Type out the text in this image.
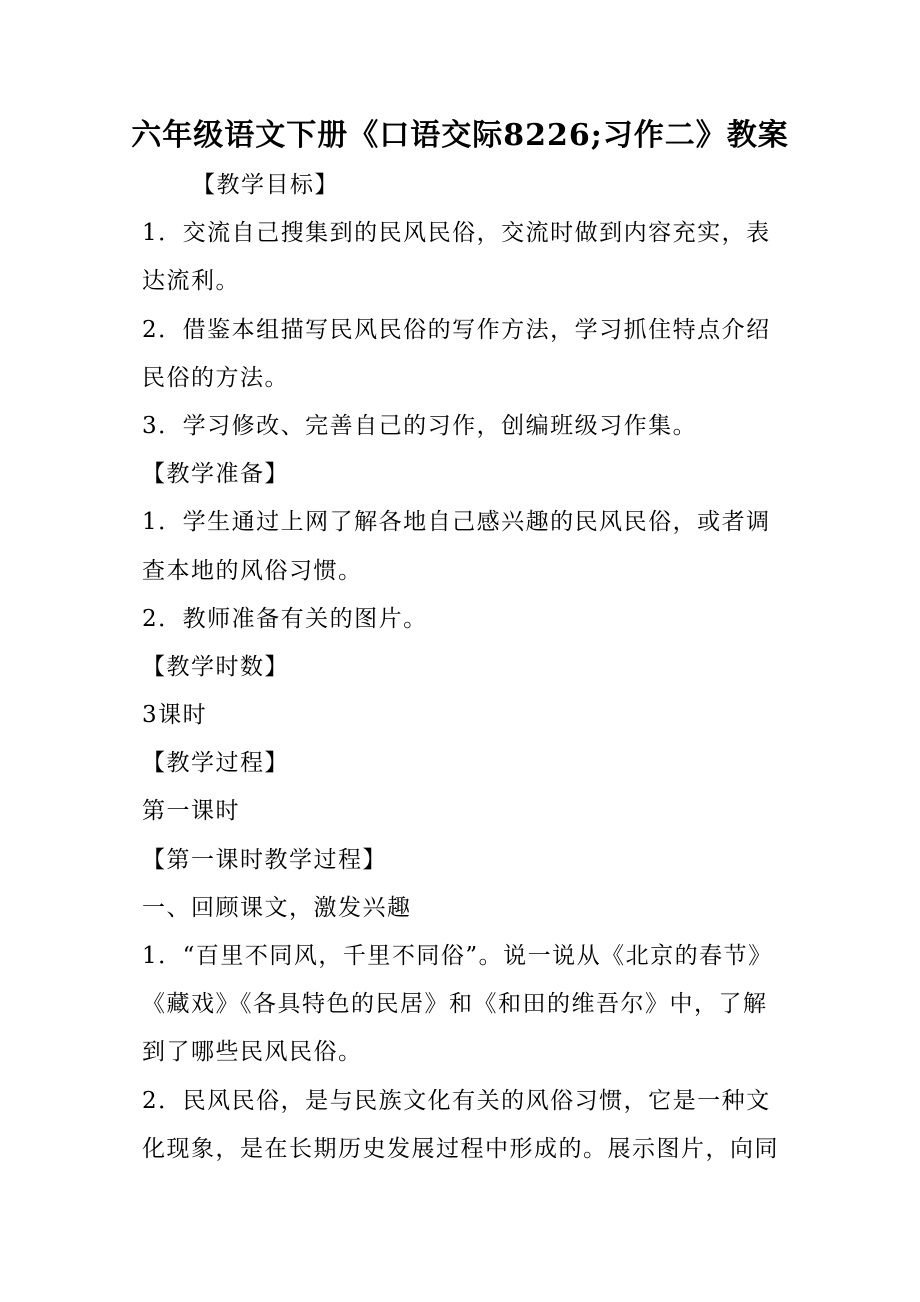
六年级语文下册《口语交际8226;习作二》教案
【教学目标】
1．交流自己搜集到的民风民俗，交流时做到内容充实，表
达流利。
2．借鉴本组描写民风民俗的写作方法，学习抓住特点介绍
民俗的方法。
3．学习修改、完善自己的习作，创编班级习作集。
【教学准备】
1．学生通过上网了解各地自己感兴趣的民风民俗，或者调
查本地的风俗习惯。
2．教师准备有关的图片。
【教学时数】
3课时
【教学过程】
第一课时
【第一课时教学过程】
一、回顾课文，激发兴趣
1．“百里不同风，千里不同俗”。说一说从《北京的春节》
《藏戏》《各具特色的民居》和《和田的维吾尔》中，了解
到了哪些民风民俗。
2．民风民俗，是与民族文化有关的风俗习惯，它是一种文
化现象，是在长期历史发展过程中形成的。展示图片，向同
